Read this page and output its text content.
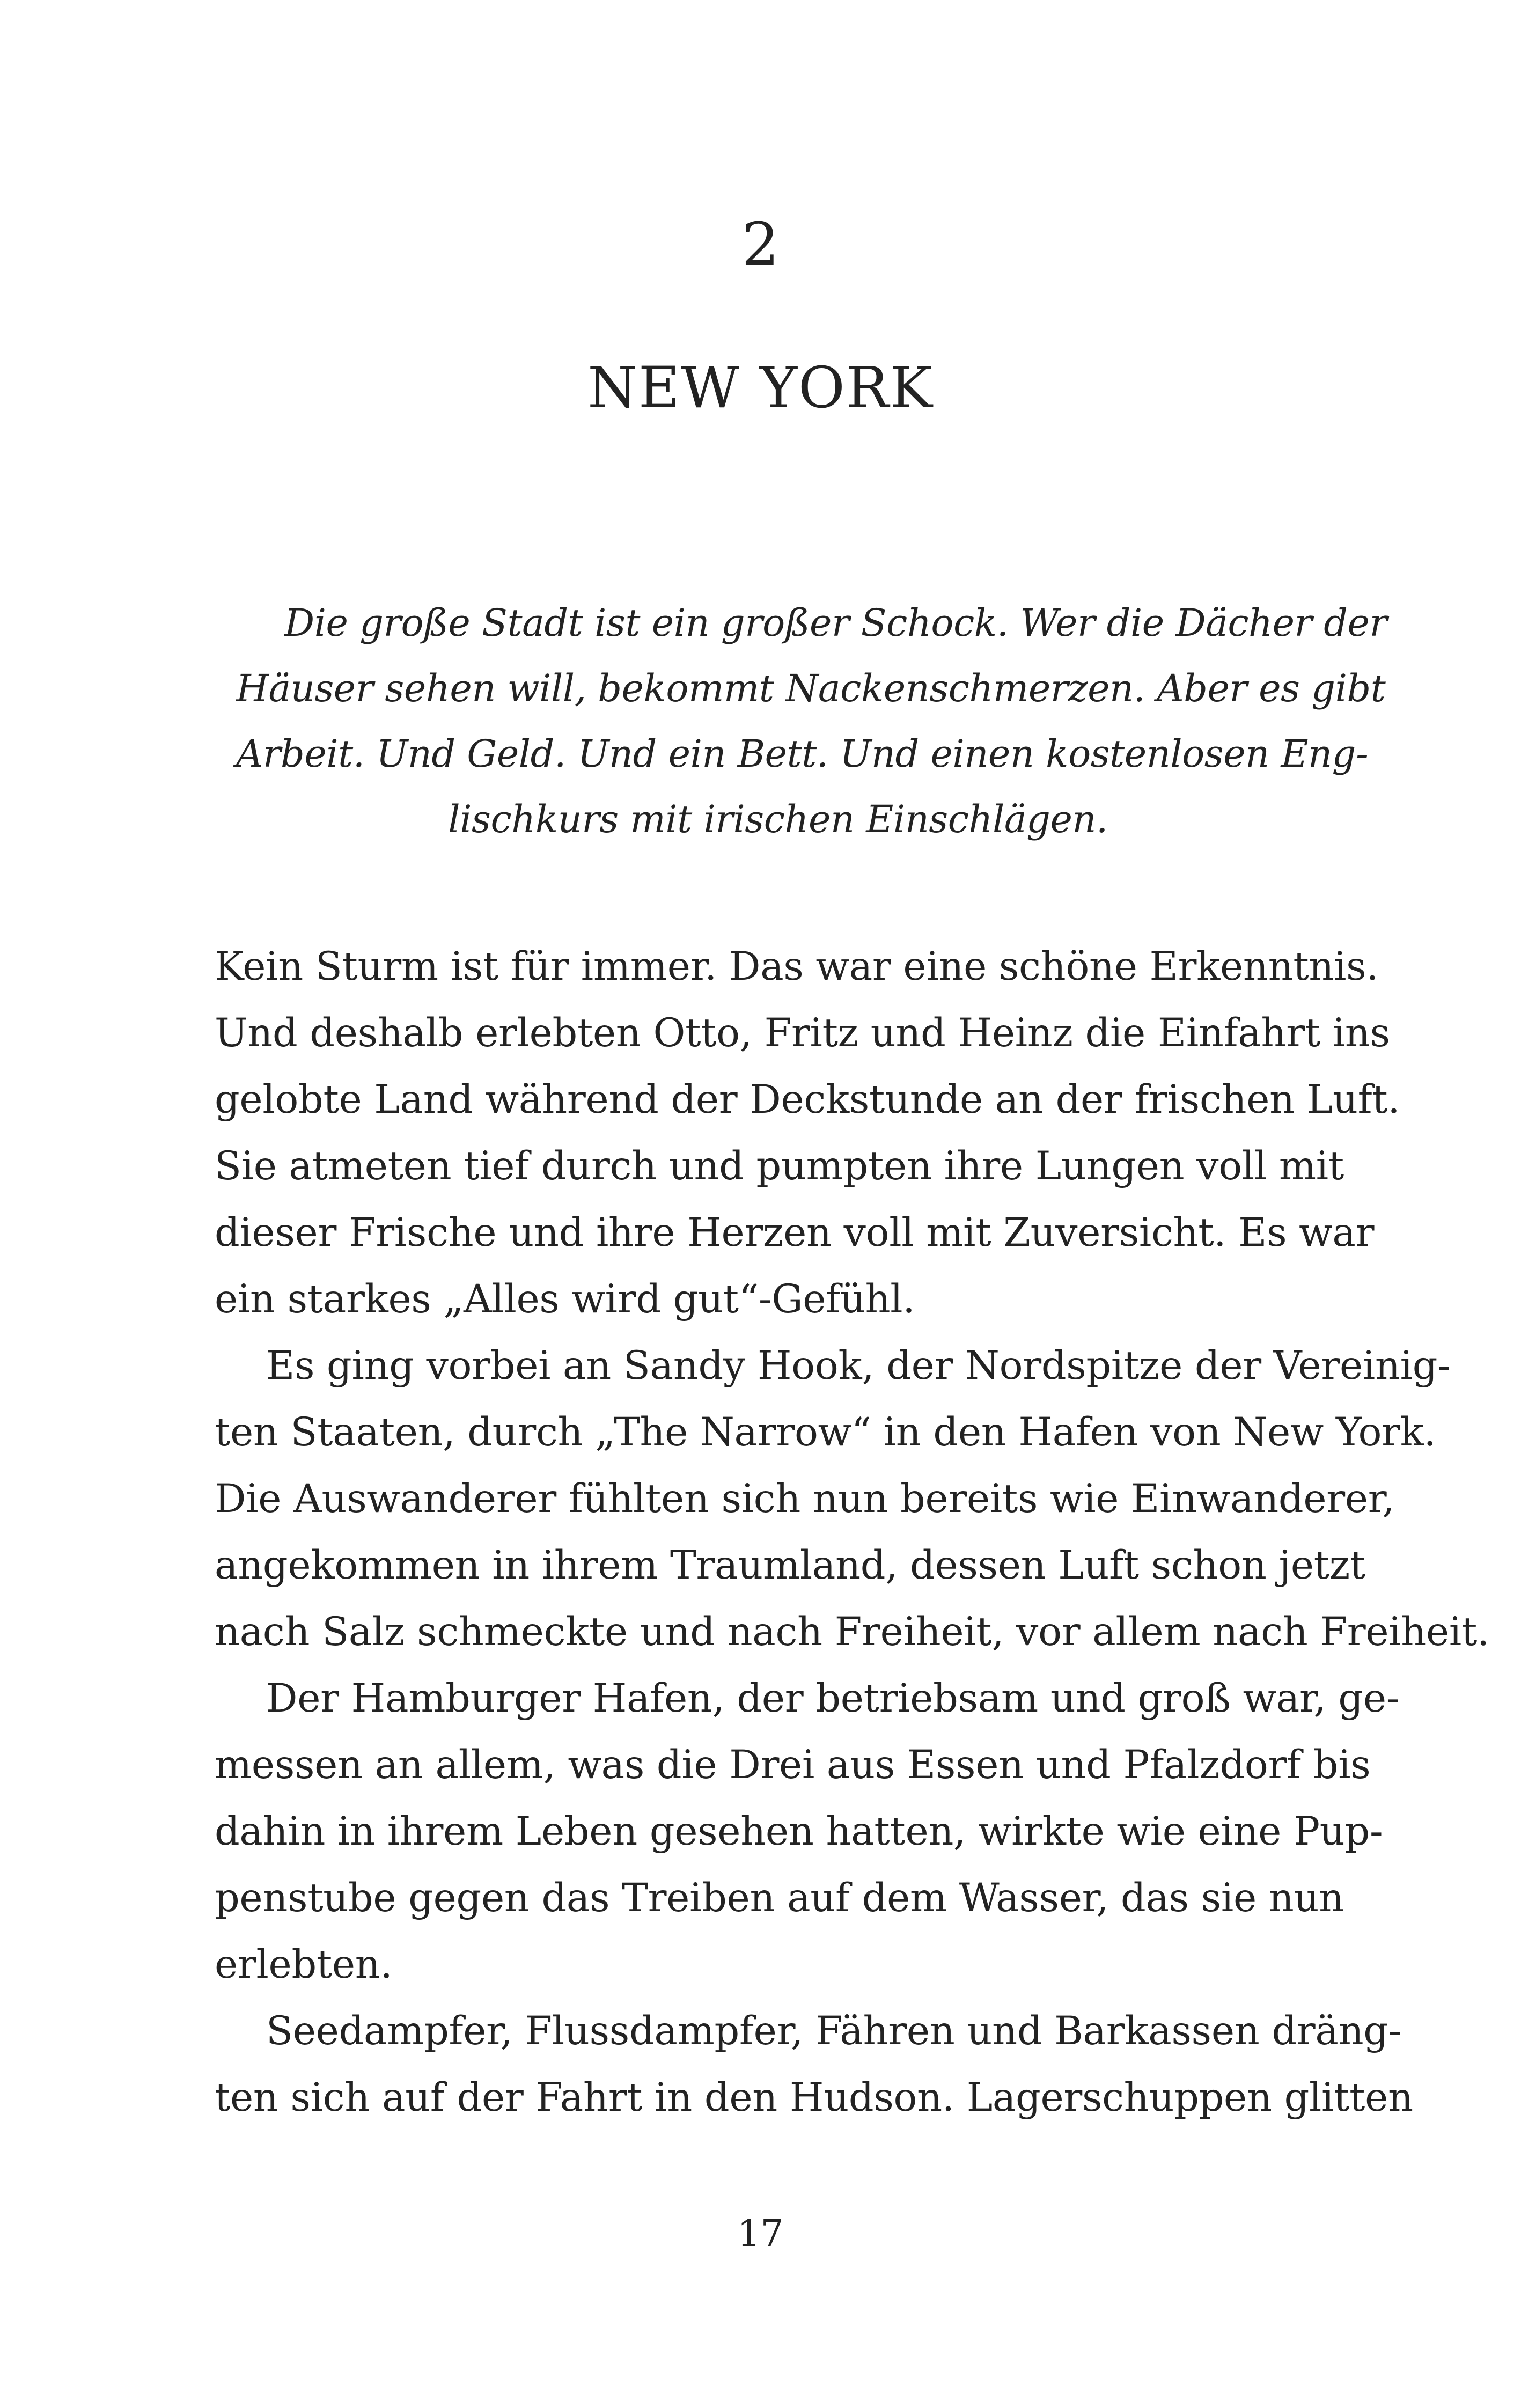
2
NEW YORK
Die große Stadt ist ein großer Schock. Wer die Dächer der
Häuser sehen will, bekommt Nackenschmerzen. Aber es gibt
Arbeit. Und Geld. Und ein Bett. Und einen kostenlosen Eng-
lischkurs mit irischen Einschlägen.
Kein Sturm ist für immer. Das war eine schöne Erkenntnis.
Und deshalb erlebten Otto, Fritz und Heinz die Einfahrt ins
gelobte Land während der Deckstunde an der frischen Luft.
Sie atmeten tief durch und pumpten ihre Lungen voll mit
dieser Frische und ihre Herzen voll mit Zuversicht. Es war
ein starkes „Alles wird gut“-Gefühl.
Es ging vorbei an Sandy Hook, der Nordspitze der Vereinig-
ten Staaten, durch „The Narrow“ in den Hafen von New York.
Die Auswanderer fühlten sich nun bereits wie Einwanderer,
angekommen in ihrem Traumland, dessen Luft schon jetzt
nach Salz schmeckte und nach Freiheit, vor allem nach Freiheit.
Der Hamburger Hafen, der betriebsam und groß war, ge-
messen an allem, was die Drei aus Essen und Pfalzdorf bis
dahin in ihrem Leben gesehen hatten, wirkte wie eine Pup-
penstube gegen das Treiben auf dem Wasser, das sie nun
erlebten.
Seedampfer, Flussdampfer, Fähren und Barkassen dräng-
ten sich auf der Fahrt in den Hudson. Lagerschuppen glitten
17
